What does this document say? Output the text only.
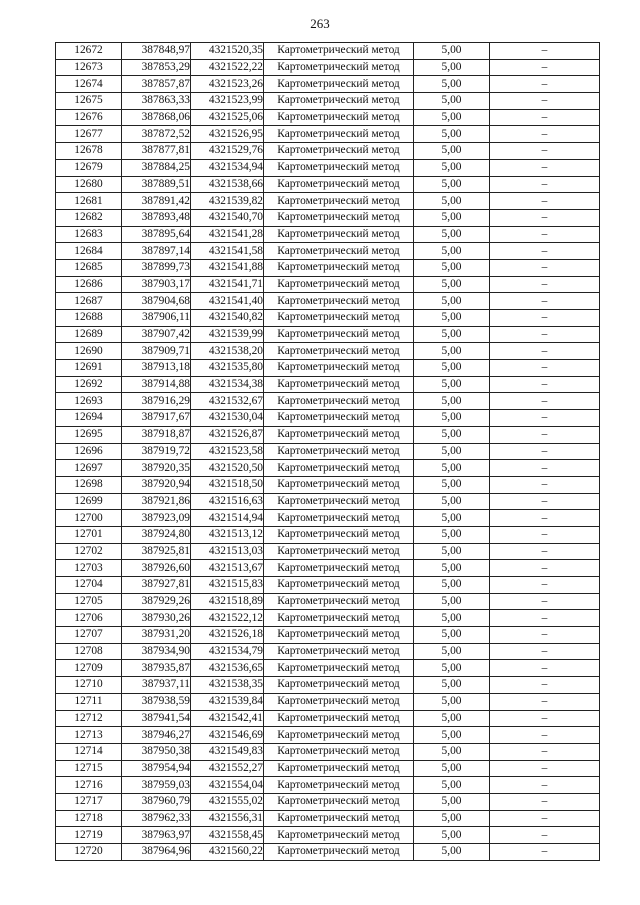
263
12672	387848,97	4321520,35	Картометрический метод	5,00	–
12673	387853,29	4321522,22	Картометрический метод	5,00	–
12674	387857,87	4321523,26	Картометрический метод	5,00	–
12675	387863,33	4321523,99	Картометрический метод	5,00	–
12676	387868,06	4321525,06	Картометрический метод	5,00	–
12677	387872,52	4321526,95	Картометрический метод	5,00	–
12678	387877,81	4321529,76	Картометрический метод	5,00	–
12679	387884,25	4321534,94	Картометрический метод	5,00	–
12680	387889,51	4321538,66	Картометрический метод	5,00	–
12681	387891,42	4321539,82	Картометрический метод	5,00	–
12682	387893,48	4321540,70	Картометрический метод	5,00	–
12683	387895,64	4321541,28	Картометрический метод	5,00	–
12684	387897,14	4321541,58	Картометрический метод	5,00	–
12685	387899,73	4321541,88	Картометрический метод	5,00	–
12686	387903,17	4321541,71	Картометрический метод	5,00	–
12687	387904,68	4321541,40	Картометрический метод	5,00	–
12688	387906,11	4321540,82	Картометрический метод	5,00	–
12689	387907,42	4321539,99	Картометрический метод	5,00	–
12690	387909,71	4321538,20	Картометрический метод	5,00	–
12691	387913,18	4321535,80	Картометрический метод	5,00	–
12692	387914,88	4321534,38	Картометрический метод	5,00	–
12693	387916,29	4321532,67	Картометрический метод	5,00	–
12694	387917,67	4321530,04	Картометрический метод	5,00	–
12695	387918,87	4321526,87	Картометрический метод	5,00	–
12696	387919,72	4321523,58	Картометрический метод	5,00	–
12697	387920,35	4321520,50	Картометрический метод	5,00	–
12698	387920,94	4321518,50	Картометрический метод	5,00	–
12699	387921,86	4321516,63	Картометрический метод	5,00	–
12700	387923,09	4321514,94	Картометрический метод	5,00	–
12701	387924,80	4321513,12	Картометрический метод	5,00	–
12702	387925,81	4321513,03	Картометрический метод	5,00	–
12703	387926,60	4321513,67	Картометрический метод	5,00	–
12704	387927,81	4321515,83	Картометрический метод	5,00	–
12705	387929,26	4321518,89	Картометрический метод	5,00	–
12706	387930,26	4321522,12	Картометрический метод	5,00	–
12707	387931,20	4321526,18	Картометрический метод	5,00	–
12708	387934,90	4321534,79	Картометрический метод	5,00	–
12709	387935,87	4321536,65	Картометрический метод	5,00	–
12710	387937,11	4321538,35	Картометрический метод	5,00	–
12711	387938,59	4321539,84	Картометрический метод	5,00	–
12712	387941,54	4321542,41	Картометрический метод	5,00	–
12713	387946,27	4321546,69	Картометрический метод	5,00	–
12714	387950,38	4321549,83	Картометрический метод	5,00	–
12715	387954,94	4321552,27	Картометрический метод	5,00	–
12716	387959,03	4321554,04	Картометрический метод	5,00	–
12717	387960,79	4321555,02	Картометрический метод	5,00	–
12718	387962,33	4321556,31	Картометрический метод	5,00	–
12719	387963,97	4321558,45	Картометрический метод	5,00	–
12720	387964,96	4321560,22	Картометрический метод	5,00	–
